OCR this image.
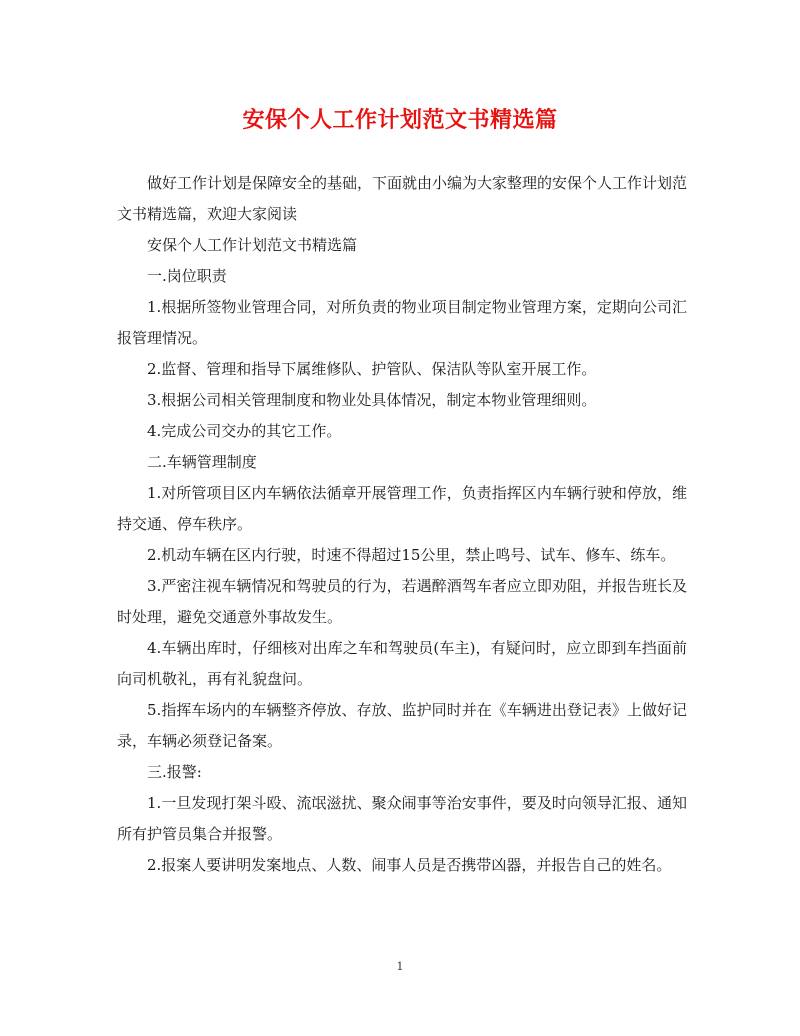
安保个人工作计划范文书精选篇

做好工作计划是保障安全的基础，下面就由小编为大家整理的安保个人工作计划范文书精选篇，欢迎大家阅读

安保个人工作计划范文书精选篇

一.岗位职责

1.根据所签物业管理合同，对所负责的物业项目制定物业管理方案，定期向公司汇报管理情况。

2.监督、管理和指导下属维修队、护管队、保洁队等队室开展工作。

3.根据公司相关管理制度和物业处具体情况，制定本物业管理细则。

4.完成公司交办的其它工作。

二.车辆管理制度

1.对所管项目区内车辆依法循章开展管理工作，负责指挥区内车辆行驶和停放，维持交通、停车秩序。

2.机动车辆在区内行驶，时速不得超过15公里，禁止鸣号、试车、修车、练车。

3.严密注视车辆情况和驾驶员的行为，若遇醉酒驾车者应立即劝阻，并报告班长及时处理，避免交通意外事故发生。

4.车辆出库时，仔细核对出库之车和驾驶员(车主)，有疑问时，应立即到车挡面前向司机敬礼，再有礼貌盘问。

5.指挥车场内的车辆整齐停放、存放、监护同时并在《车辆进出登记表》上做好记录，车辆必须登记备案。

三.报警:

1.一旦发现打架斗殴、流氓滋扰、聚众闹事等治安事件，要及时向领导汇报、通知所有护管员集合并报警。

2.报案人要讲明发案地点、人数、闹事人员是否携带凶器，并报告自己的姓名。

1
